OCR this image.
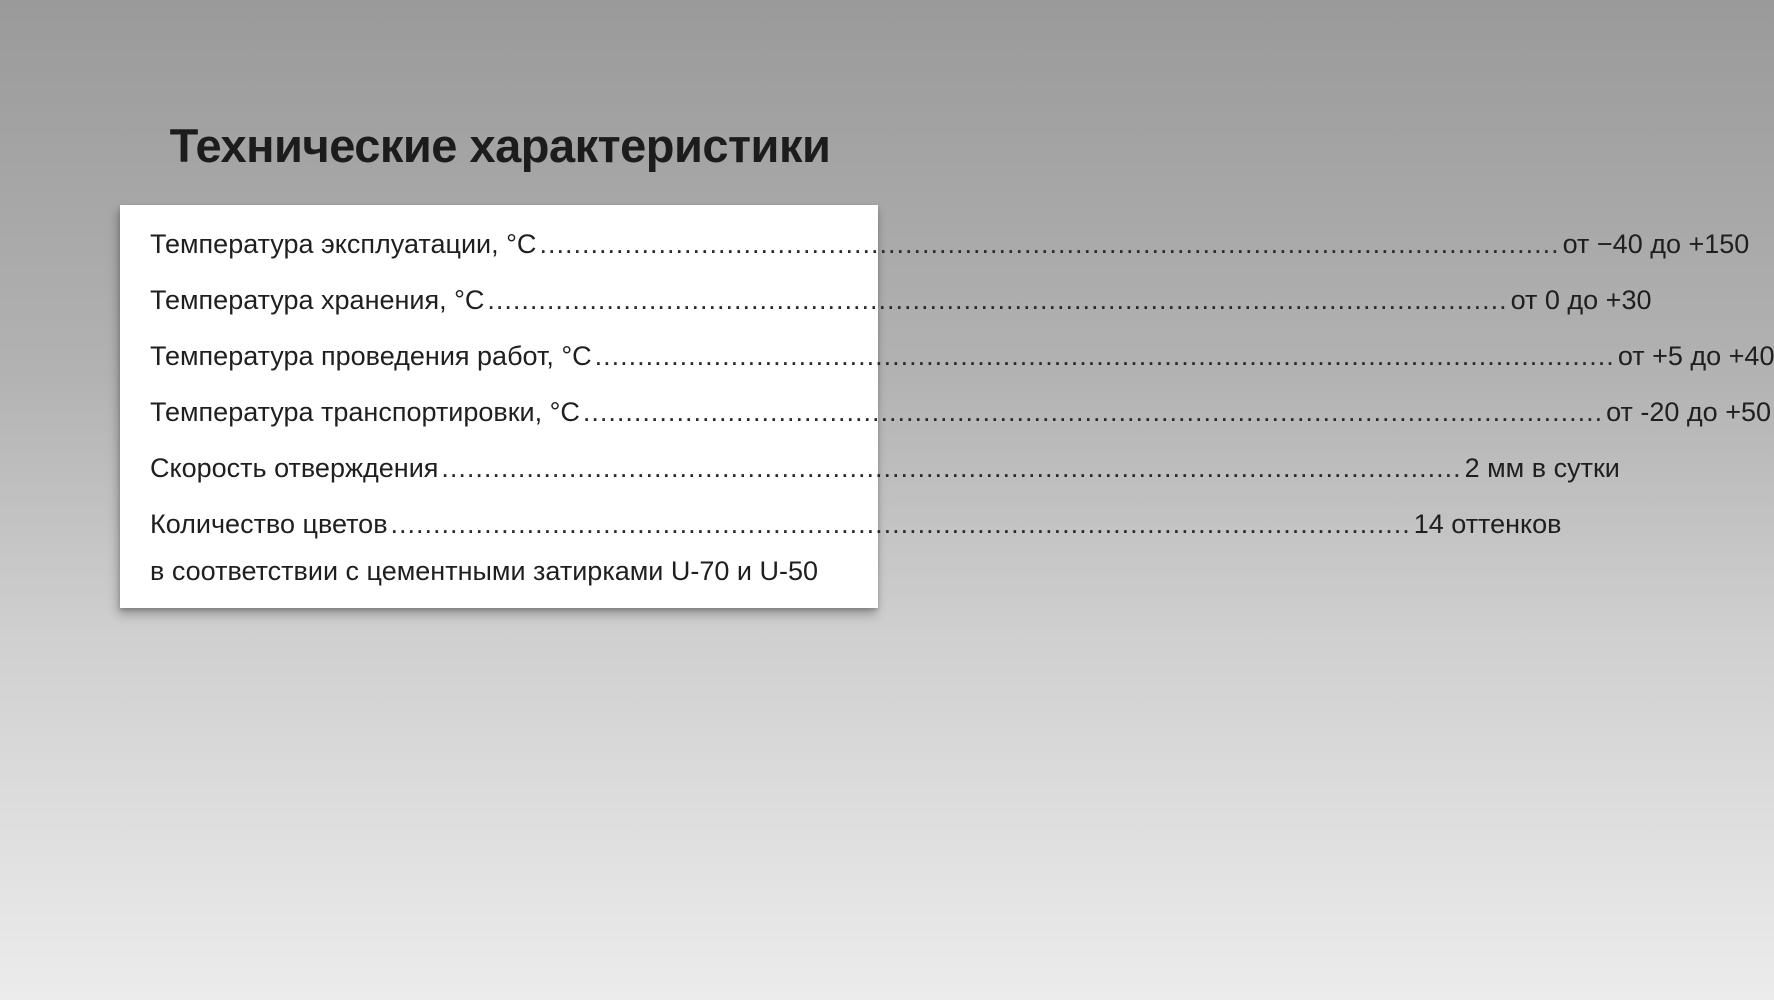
Технические характеристики
Температура эксплуатации, °С ........................................................................................................................ от −40 до +150
Температура хранения, °С ........................................................................................................................ от 0 до +30
Температура проведения работ, °С ........................................................................................................................ от +5 до +40
Температура транспортировки, °С ........................................................................................................................ от -20 до +50
Скорость отверждения ........................................................................................................................ 2 мм в сутки
Количество цветов ........................................................................................................................ 14 оттенков
в соответствии с цементными затирками U-70 и U-50
